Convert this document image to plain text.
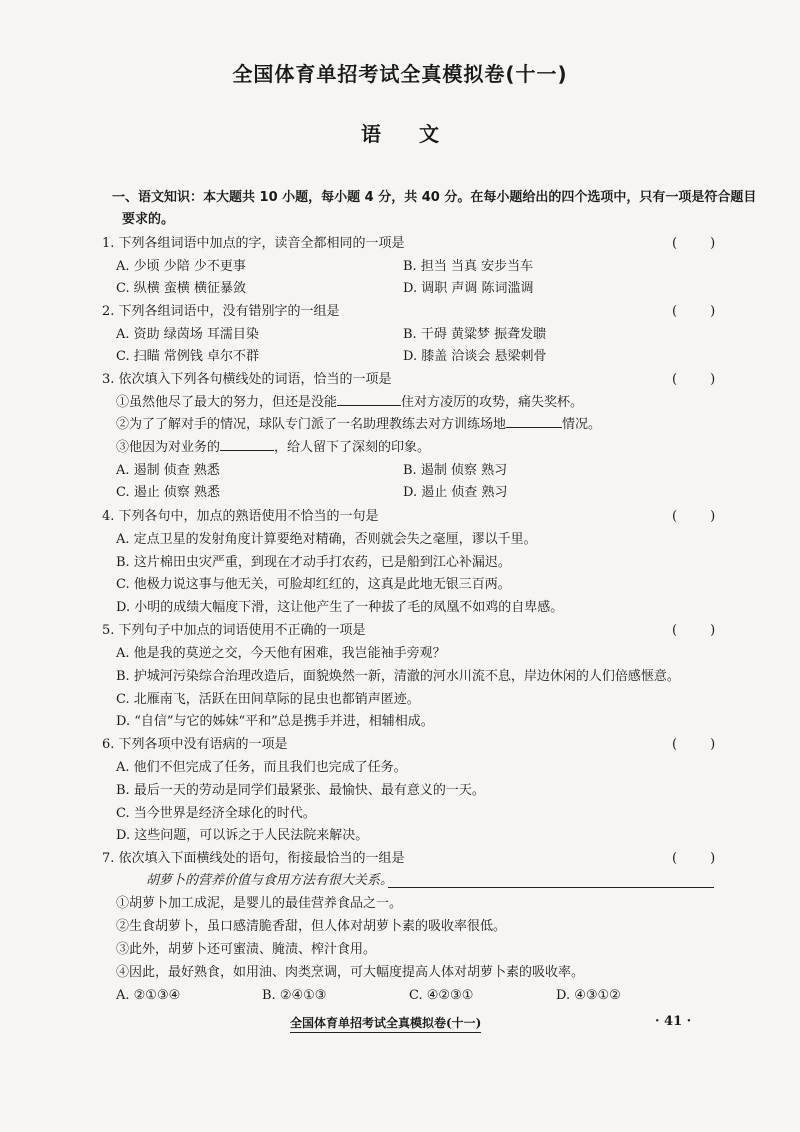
全国体育单招考试全真模拟卷(十一)
语文
一、语文知识：本大题共 10 小题，每小题 4 分，共 40 分。在每小题给出的四个选项中，只有一项是符合题目
要求的。
1. 下列各组词语中加点的字，读音全都相同的一项是	(        )
A. 少顷 少陪 少不更事	B. 担当 当真 安步当车
C. 纵横 蛮横 横征暴敛	D. 调职 声调 陈词滥调
2. 下列各组词语中，没有错别字的一组是	(        )
A. 资助 绿茵场 耳濡目染	B. 干碍 黄粱梦 振聋发聩
C. 扫瞄 常例钱 卓尔不群	D. 膝盖 洽谈会 悬梁刺骨
3. 依次填入下列各句横线处的词语，恰当的一项是	(        )
①虽然他尽了最大的努力，但还是没能	住对方凌厉的攻势，痛失奖杯。
②为了了解对手的情况，球队专门派了一名助理教练去对方训练场地	情况。
③他因为对业务的	，给人留下了深刻的印象。
A. 遏制 侦查 熟悉	B. 遏制 侦察 熟习
C. 遏止 侦察 熟悉	D. 遏止 侦查 熟习
4. 下列各句中，加点的熟语使用不恰当的一句是	(        )
A. 定点卫星的发射角度计算要绝对精确，否则就会失之毫厘，谬以千里。
B. 这片棉田虫灾严重，到现在才动手打农药，已是船到江心补漏迟。
C. 他极力说这事与他无关，可脸却红红的，这真是此地无银三百两。
D. 小明的成绩大幅度下滑，这让他产生了一种拔了毛的凤凰不如鸡的自卑感。
5. 下列句子中加点的词语使用不正确的一项是	(        )
A. 他是我的莫逆之交，今天他有困难，我岂能袖手旁观？
B. 护城河污染综合治理改造后，面貌焕然一新，清澈的河水川流不息，岸边休闲的人们倍感惬意。
C. 北雁南飞，活跃在田间草际的昆虫也都销声匿迹。
D. “自信”与它的姊妹“平和”总是携手并进，相辅相成。
6. 下列各项中没有语病的一项是	(        )
A. 他们不但完成了任务，而且我们也完成了任务。
B. 最后一天的劳动是同学们最紧张、最愉快、最有意义的一天。
C. 当今世界是经济全球化的时代。
D. 这些问题，可以诉之于人民法院来解决。
7. 依次填入下面横线处的语句，衔接最恰当的一组是	(        )
胡萝卜的营养价值与食用方法有很大关系。
①胡萝卜加工成泥，是婴儿的最佳营养食品之一。
②生食胡萝卜，虽口感清脆香甜，但人体对胡萝卜素的吸收率很低。
③此外，胡萝卜还可蜜渍、腌渍、榨汁食用。
④因此，最好熟食，如用油、肉类烹调，可大幅度提高人体对胡萝卜素的吸收率。
A. ②①③④	B. ②④①③	C. ④②③①	D. ④③①②
全国体育单招考试全真模拟卷(十一)	· 41 ·
